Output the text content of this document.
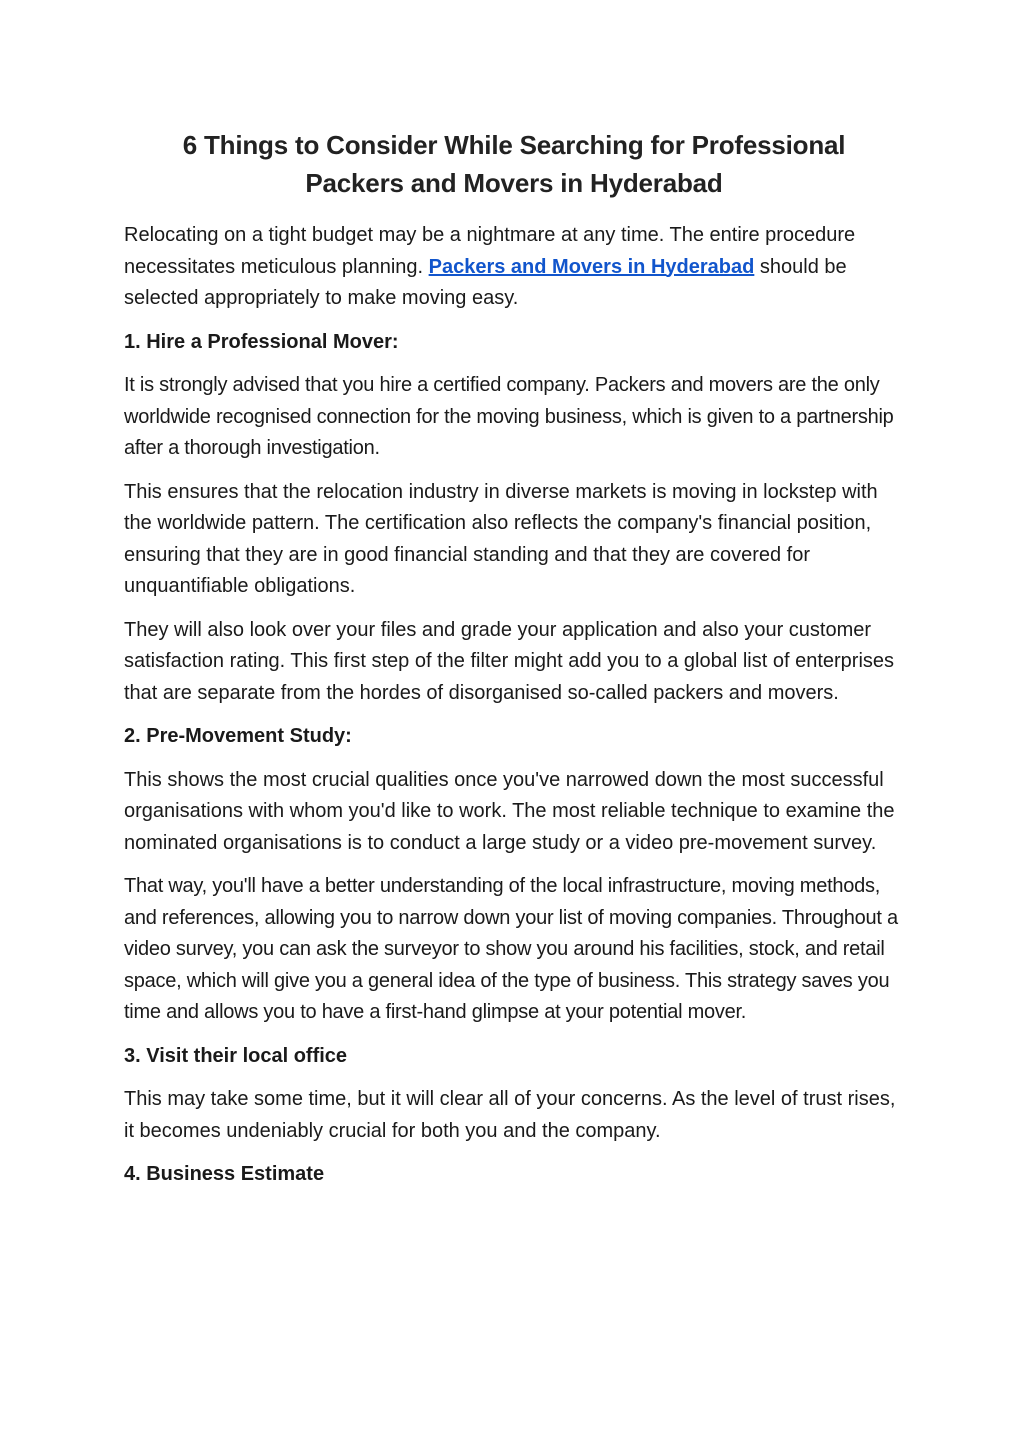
6 Things to Consider While Searching for Professional
Packers and Movers in Hyderabad

Relocating on a tight budget may be a nightmare at any time. The entire procedure necessitates meticulous planning. Packers and Movers in Hyderabad should be selected appropriately to make moving easy.

1. Hire a Professional Mover:

It is strongly advised that you hire a certified company. Packers and movers are the only worldwide recognised connection for the moving business, which is given to a partnership after a thorough investigation.

This ensures that the relocation industry in diverse markets is moving in lockstep with the worldwide pattern. The certification also reflects the company's financial position, ensuring that they are in good financial standing and that they are covered for unquantifiable obligations.

They will also look over your files and grade your application and also your customer satisfaction rating. This first step of the filter might add you to a global list of enterprises that are separate from the hordes of disorganised so-called packers and movers.

2. Pre-Movement Study:

This shows the most crucial qualities once you've narrowed down the most successful organisations with whom you'd like to work. The most reliable technique to examine the nominated organisations is to conduct a large study or a video pre-movement survey.

That way, you'll have a better understanding of the local infrastructure, moving methods, and references, allowing you to narrow down your list of moving companies. Throughout a video survey, you can ask the surveyor to show you around his facilities, stock, and retail space, which will give you a general idea of the type of business. This strategy saves you time and allows you to have a first-hand glimpse at your potential mover.

3. Visit their local office

This may take some time, but it will clear all of your concerns. As the level of trust rises, it becomes undeniably crucial for both you and the company.

4. Business Estimate
